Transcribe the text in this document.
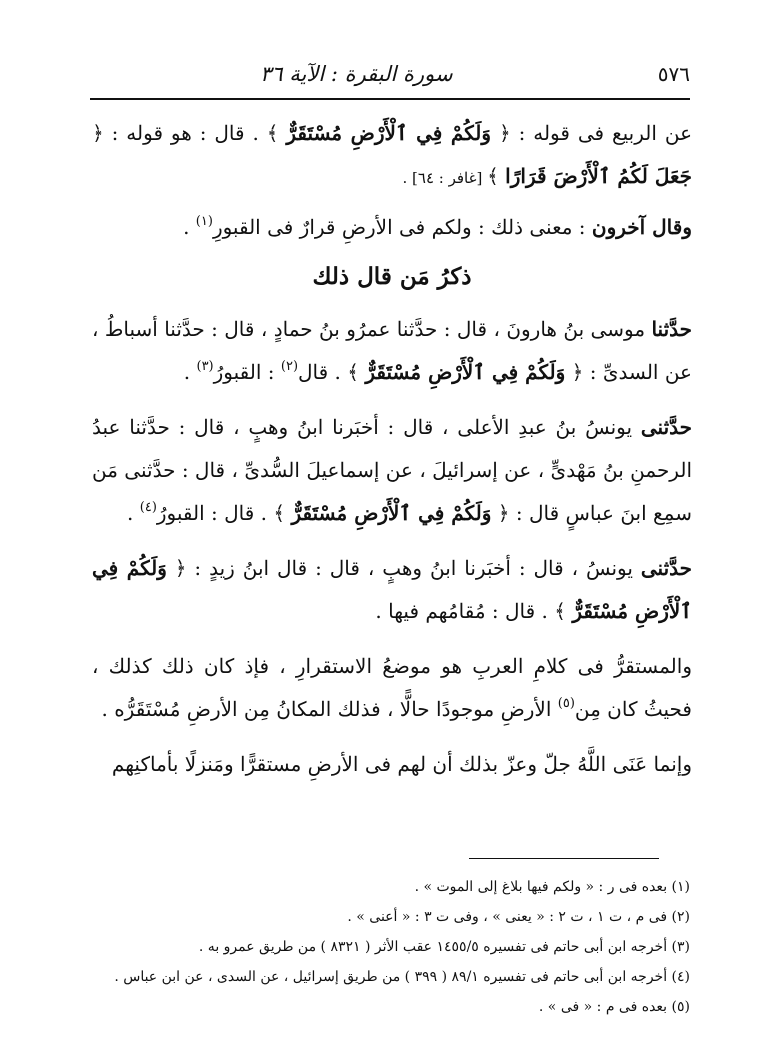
٥٧٦
سورة البقرة : الآية ٣٦

عن الربيع فى قوله : ﴿ وَلَكُمْ فِي ٱلْأَرْضِ مُسْتَقَرٌّ ﴾ . قال : هو قوله : ﴿ جَعَلَ لَكُمُ ٱلْأَرْضَ قَرَارًا ﴾ [غافر : ٦٤] .

وقال آخرون : معنى ذلك : ولكم فى الأرضِ قرارٌ فى القبورِ$^{(١)}$ .

ذكرُ مَن قال ذلك

حدَّثنا موسى بنُ هارونَ ، قال : حدَّثنا عمرُو بنُ حمادٍ ، قال : حدَّثنا أسباطُ ، عن السدىِّ : ﴿ وَلَكُمْ فِي ٱلْأَرْضِ مُسْتَقَرٌّ ﴾ . قال$^{(٢)}$ : القبورُ$^{(٣)}$ .

حدَّثنى يونسُ بنُ عبدِ الأعلى ، قال : أخبَرنا ابنُ وهبٍ ، قال : حدَّثنا عبدُ الرحمنِ بنُ مَهْدىٍّ ، عن إسرائيلَ ، عن إسماعيلَ السُّدىِّ ، قال : حدَّثنى مَن سمِع ابنَ عباسٍ قال : ﴿ وَلَكُمْ فِي ٱلْأَرْضِ مُسْتَقَرٌّ ﴾ . قال : القبورُ$^{(٤)}$ .

حدَّثنى يونسُ ، قال : أخبَرنا ابنُ وهبٍ ، قال : قال ابنُ زيدٍ : ﴿ وَلَكُمْ فِي ٱلْأَرْضِ مُسْتَقَرٌّ ﴾ . قال : مُقامُهم فيها .

والمستقرُّ فى كلامِ العربِ هو موضعُ الاستقرارِ ، فإذ كان ذلك كذلك ، فحيثُ كان مِن$^{(٥)}$ الأرضِ موجودًا حالًّا ، فذلك المكانُ مِن الأرضِ مُسْتَقَرُّه .

وإنما عَنَى اللَّهُ جلّ وعزّ بذلك أن لهم فى الأرضِ مستقرًّا ومَنزلًا بأماكنِهم

(١) بعده فى ر : « ولكم فيها بلاغ إلى الموت » .
(٢) فى م ، ت ١ ، ت ٢ : « يعنى » ، وفى ت ٣ : « أعنى » .
(٣) أخرجه ابن أبى حاتم فى تفسيره ١٤٥٥/٥ عقب الأثر ( ٨٣٢١ ) من طريق عمرو به .
(٤) أخرجه ابن أبى حاتم فى تفسيره ٨٩/١ ( ٣٩٩ ) من طريق إسرائيل ، عن السدى ، عن ابن عباس .
(٥) بعده فى م : « فى » .
